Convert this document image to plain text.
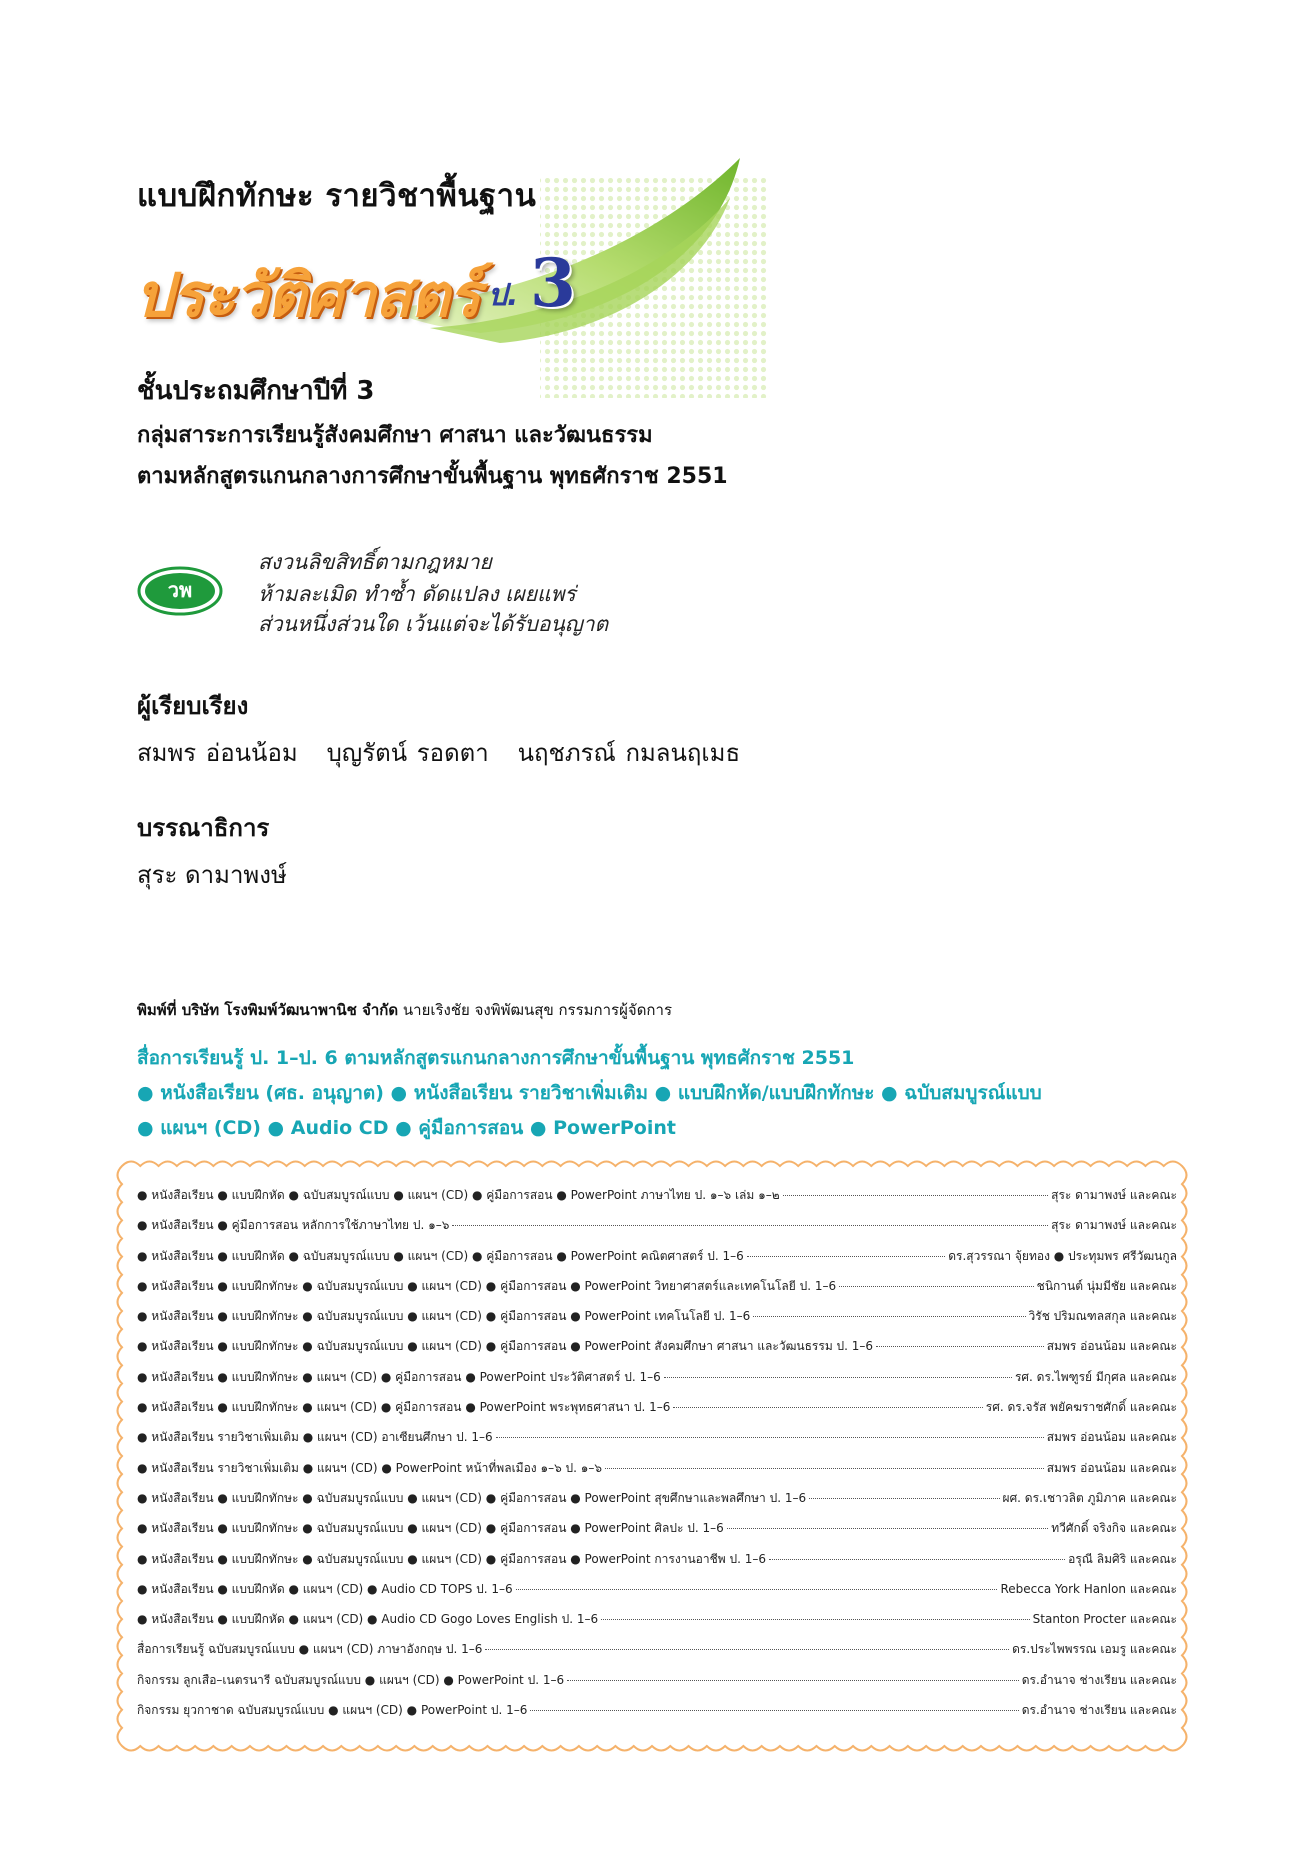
แบบฝึกทักษะ รายวิชาพื้นฐาน
ประวัติศาสตร์ ป. 3
ชั้นประถมศึกษาปีที่ 3
กลุ่มสาระการเรียนรู้สังคมศึกษา ศาสนา และวัฒนธรรม
ตามหลักสูตรแกนกลางการศึกษาขั้นพื้นฐาน พุทธศักราช 2551
วพ
สงวนลิขสิทธิ์ตามกฎหมาย
ห้ามละเมิด ทำซ้ำ ดัดแปลง เผยแพร่
ส่วนหนึ่งส่วนใด เว้นแต่จะได้รับอนุญาต
ผู้เรียบเรียง
สมพร อ่อนน้อม   บุญรัตน์ รอดตา   นฤชภรณ์ กมลนฤเมธ
บรรณาธิการ
สุระ ดามาพงษ์
พิมพ์ที่ บริษัท โรงพิมพ์วัฒนาพานิช จำกัด นายเริงชัย จงพิพัฒนสุข กรรมการผู้จัดการ
สื่อการเรียนรู้ ป. 1–ป. 6 ตามหลักสูตรแกนกลางการศึกษาขั้นพื้นฐาน พุทธศักราช 2551
● หนังสือเรียน (ศธ. อนุญาต) ● หนังสือเรียน รายวิชาเพิ่มเติม ● แบบฝึกหัด/แบบฝึกทักษะ ● ฉบับสมบูรณ์แบบ
● แผนฯ (CD) ● Audio CD ● คู่มือการสอน ● PowerPoint
● หนังสือเรียน ● แบบฝึกหัด ● ฉบับสมบูรณ์แบบ ● แผนฯ (CD) ● คู่มือการสอน ● PowerPoint ภาษาไทย ป. ๑–๖ เล่ม ๑–๒	สุระ ดามาพงษ์ และคณะ
● หนังสือเรียน ● คู่มือการสอน หลักการใช้ภาษาไทย ป. ๑–๖	สุระ ดามาพงษ์ และคณะ
● หนังสือเรียน ● แบบฝึกหัด ● ฉบับสมบูรณ์แบบ ● แผนฯ (CD) ● คู่มือการสอน ● PowerPoint คณิตศาสตร์ ป. 1–6	ดร.สุวรรณา จุ้ยทอง ● ประทุมพร ศรีวัฒนกูล
● หนังสือเรียน ● แบบฝึกทักษะ ● ฉบับสมบูรณ์แบบ ● แผนฯ (CD) ● คู่มือการสอน ● PowerPoint วิทยาศาสตร์และเทคโนโลยี ป. 1–6	ชนิกานต์ นุ่มมีชัย และคณะ
● หนังสือเรียน ● แบบฝึกทักษะ ● ฉบับสมบูรณ์แบบ ● แผนฯ (CD) ● คู่มือการสอน ● PowerPoint เทคโนโลยี ป. 1–6	วิรัช ปริมณฑลสกุล และคณะ
● หนังสือเรียน ● แบบฝึกทักษะ ● ฉบับสมบูรณ์แบบ ● แผนฯ (CD) ● คู่มือการสอน ● PowerPoint สังคมศึกษา ศาสนา และวัฒนธรรม ป. 1–6	สมพร อ่อนน้อม และคณะ
● หนังสือเรียน ● แบบฝึกทักษะ ● แผนฯ (CD) ● คู่มือการสอน ● PowerPoint ประวัติศาสตร์ ป. 1–6	รศ. ดร.ไพฑูรย์ มีกุศล และคณะ
● หนังสือเรียน ● แบบฝึกทักษะ ● แผนฯ (CD) ● คู่มือการสอน ● PowerPoint พระพุทธศาสนา ป. 1–6	รศ. ดร.จรัส พยัคฆราชศักดิ์ และคณะ
● หนังสือเรียน รายวิชาเพิ่มเติม ● แผนฯ (CD) อาเซียนศึกษา ป. 1–6	สมพร อ่อนน้อม และคณะ
● หนังสือเรียน รายวิชาเพิ่มเติม ● แผนฯ (CD) ● PowerPoint หน้าที่พลเมือง ๑–๖ ป. ๑–๖	สมพร อ่อนน้อม และคณะ
● หนังสือเรียน ● แบบฝึกทักษะ ● ฉบับสมบูรณ์แบบ ● แผนฯ (CD) ● คู่มือการสอน ● PowerPoint สุขศึกษาและพลศึกษา ป. 1–6	ผศ. ดร.เชาวลิต ภูมิภาค และคณะ
● หนังสือเรียน ● แบบฝึกทักษะ ● ฉบับสมบูรณ์แบบ ● แผนฯ (CD) ● คู่มือการสอน ● PowerPoint ศิลปะ ป. 1–6	ทวีศักดิ์ จริงกิจ และคณะ
● หนังสือเรียน ● แบบฝึกทักษะ ● ฉบับสมบูรณ์แบบ ● แผนฯ (CD) ● คู่มือการสอน ● PowerPoint การงานอาชีพ ป. 1–6	อรุณี ลิมศิริ และคณะ
● หนังสือเรียน ● แบบฝึกหัด ● แผนฯ (CD) ● Audio CD TOPS ป. 1–6	Rebecca York Hanlon และคณะ
● หนังสือเรียน ● แบบฝึกหัด ● แผนฯ (CD) ● Audio CD Gogo Loves English ป. 1–6	Stanton Procter และคณะ
สื่อการเรียนรู้ ฉบับสมบูรณ์แบบ ● แผนฯ (CD) ภาษาอังกฤษ ป. 1–6	ดร.ประไพพรรณ เอมรู และคณะ
กิจกรรม ลูกเสือ–เนตรนารี ฉบับสมบูรณ์แบบ ● แผนฯ (CD) ● PowerPoint ป. 1–6	ดร.อำนาจ ช่างเรียน และคณะ
กิจกรรม ยุวกาชาด ฉบับสมบูรณ์แบบ ● แผนฯ (CD) ● PowerPoint ป. 1–6	ดร.อำนาจ ช่างเรียน และคณะ
